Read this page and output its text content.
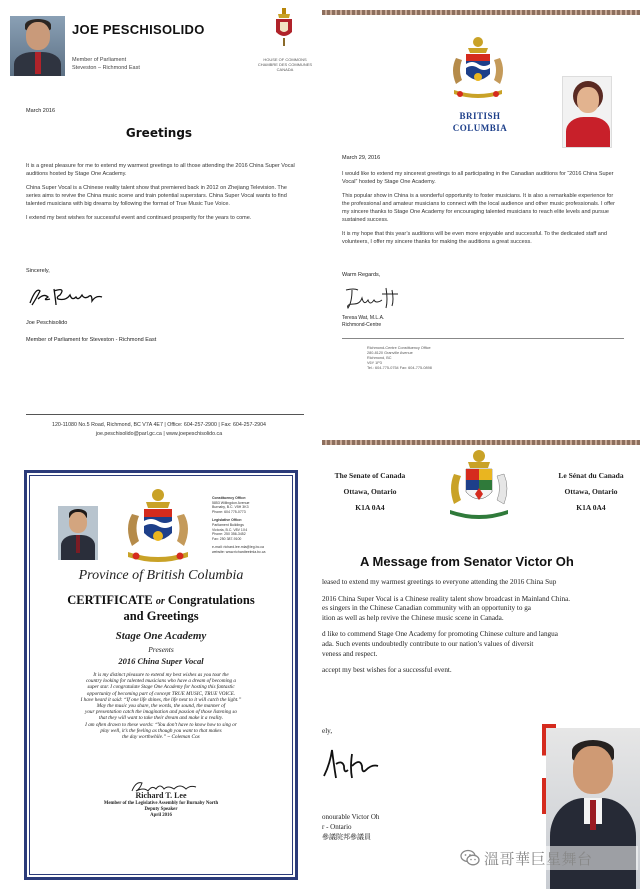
JOE PESCHISOLIDO
Member of Parliament
Steveston – Richmond East
HOUSE OF COMMONS CHAMBRE DES COMMUNES CANADA
March 2016
Greetings

It is a great pleasure for me to extend my warmest greetings to all those attending the 2016 China Super Vocal auditions hosted by Stage One Academy.

China Super Vocal is a Chinese reality talent show that premiered back in 2012 on Zhejiang Television. The series aims to revive the China music scene and train potential superstars. China Super Vocal wants to find talented musicians with big dreams by following the format of True Music Tue Voice.

I extend my best wishes for successful event and continued prosperity for the years to come.

Sincerely,
Joe Peschisolido
Member of Parliament for Steveston - Richmond East
120-11080 No.5 Road, Richmond, BC V7A 4E7 | Office: 604-257-2900 | Fax: 604-257-2904
joe.peschisolido@parl.gc.ca | www.joepeschisolido.ca
BRITISH
COLUMBIA
March 29, 2016

I would like to extend my sincerest greetings to all participating in the Canadian auditions for “2016 China Super Vocal” hosted by Stage One Academy.

This popular show in China is a wonderful opportunity to foster musicians. It is also a remarkable experience for the professional and amateur musicians to connect with the local audience and other music professionals. I offer my sincere thanks to Stage One Academy for encouraging talented musicians to reach elite levels and pursue sustained success.

It is my hope that this year’s auditions will be even more enjoyable and successful. To the dedicated staff and volunteers, I offer my sincere thanks for making the auditions a great success.

Warm Regards,
Teresa Wat, M.L.A.
Richmond-Centre
Richmond-Centre Constituency Office
280-8120 Granville Avenue
Richmond, BC
V6Y 1P3
Tel.: 604-775-0754 Fax: 604-775-0898
Constituency Office:
5853 Willingdon Avenue
Burnaby, B.C. V5H 3K3
Phone: 604 775-0773
Legislative Office:
Parliament Buildings
Victoria, B.C. V8V 1X4
Phone: 250 356-3452
Fax: 250 387-9100
e-mail: richard.lee.mla@leg.bc.ca
website: www.richardteelmla.bc.ca
Province of British Columbia
CERTIFICATE or Congratulations
and Greetings
Stage One Academy
Presents
2016 China Super Vocal
It is my distinct pleasure to extend my best wishes as you tour the
country looking for talented musicians who have a dream of becoming a
super star. I congratulate Stage One Academy for hosting this fantastic
opportunity of becoming part of concept TRUE MUSIC, TRUE VOICE.
I have heard it said: “If one life shines, the life next to it will catch the light.”
May the music you share, the words, the sound, the manner of
your presentation catch the imagination and passion of those listening so
that they will want to take their dream and make it a reality.
I am often drawn to these words: “You don’t have to know how to sing or
play well, it’s the feeling as though you want to that makes
the day worthwhile.” ~ Coleman Cox
Richard T. Lee
Member of the Legislative Assembly for Burnaby North
Deputy Speaker
April 2016
The Senate of Canada
Ottawa, Ontario
K1A 0A4
Le Sénat du Canada
Ottawa, Ontario
K1A 0A4
A Message from Senator Victor Oh

leased to extend my warmest greetings to everyone attending the 2016 China Sup

2016 China Super Vocal is a Chinese reality talent show broadcast in Mainland China.
es singers in the Chinese Canadian community with an opportunity to ga
ition as well as help revive the Chinese music scene in Canada.

d like to commend Stage One Academy for promoting Chinese culture and langua
ada. Such events undoubtedly contribute to our nation’s values of diversit
veness and respect.

accept my best wishes for a successful event.

ely,
onourable Victor Oh
r - Ontario
參議院邦參議員
溫哥華巨星舞台
